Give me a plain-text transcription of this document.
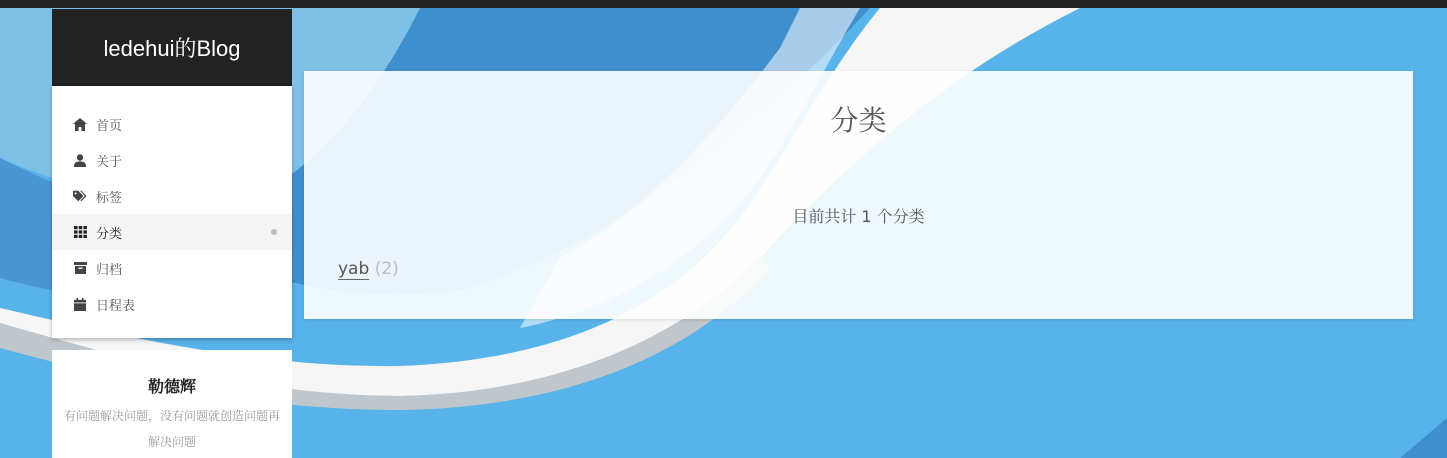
ledehui的Blog
首页
关于
标签
分类
归档
日程表
勒德辉
有问题解决问题，没有问题就创造问题再解决问题
分类
目前共计 1 个分类
yab (2)
